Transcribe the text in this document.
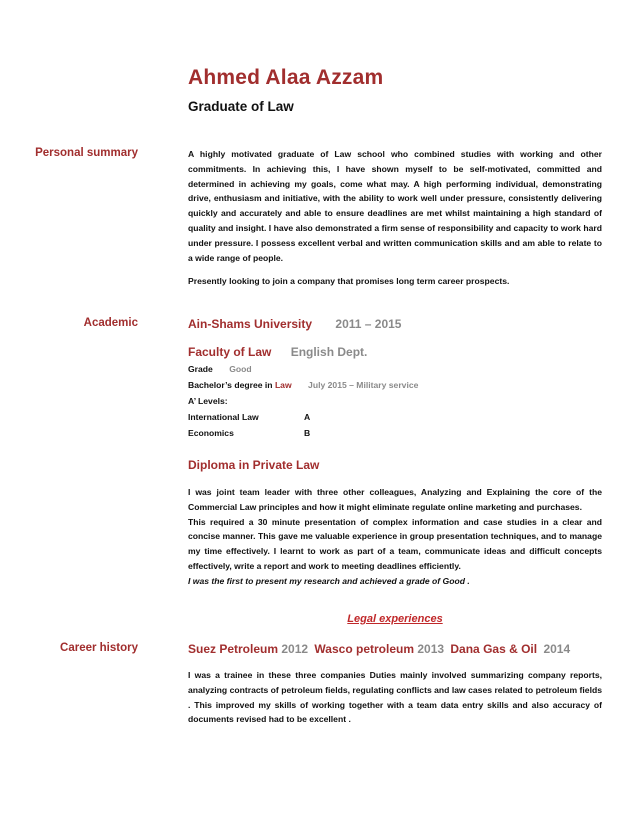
Ahmed Alaa Azzam
Graduate of Law
Personal summary	A highly motivated graduate of Law school who combined studies with working and other commitments. In achieving this, I have shown myself to be self-motivated, committed and determined in achieving my goals, come what may. A high performing individual, demonstrating drive, enthusiasm and initiative, with the ability to work well under pressure, consistently delivering quickly and accurately and able to ensure deadlines are met whilst maintaining a high standard of quality and insight. I have also demonstrated a firm sense of responsibility and capacity to work hard under pressure. I possess excellent verbal and written communication skills and am able to relate to a wide range of people.

Presently looking to join a company that promises long term career prospects.

Academic	Ain-Shams University 2011 – 2015
Faculty of Law English Dept.
Grade Good
Bachelor’s degree in Law July 2015 – Military service
A’ Levels:
International Law	A
Economics	B
Diploma in Private Law

I was joint team leader with three other colleagues, Analyzing and Explaining the core of the Commercial Law principles and how it might eliminate regulate online marketing and purchases.

This required a 30 minute presentation of complex information and case studies in a clear and concise manner. This gave me valuable experience in group presentation techniques, and to manage my time effectively. I learnt to work as part of a team, communicate ideas and difficult concepts effectively, write a report and work to meeting deadlines efficiently.

I was the first to present my research and achieved a grade of Good .

Legal experiences
Career history	Suez Petroleum 2012 Wasco petroleum 2013 Dana Gas & Oil 2014

I was a trainee in these three companies Duties mainly involved summarizing company reports, analyzing contracts of petroleum fields, regulating conflicts and law cases related to petroleum fields . This improved my skills of working together with a team data entry skills and also accuracy of documents revised had to be excellent .
